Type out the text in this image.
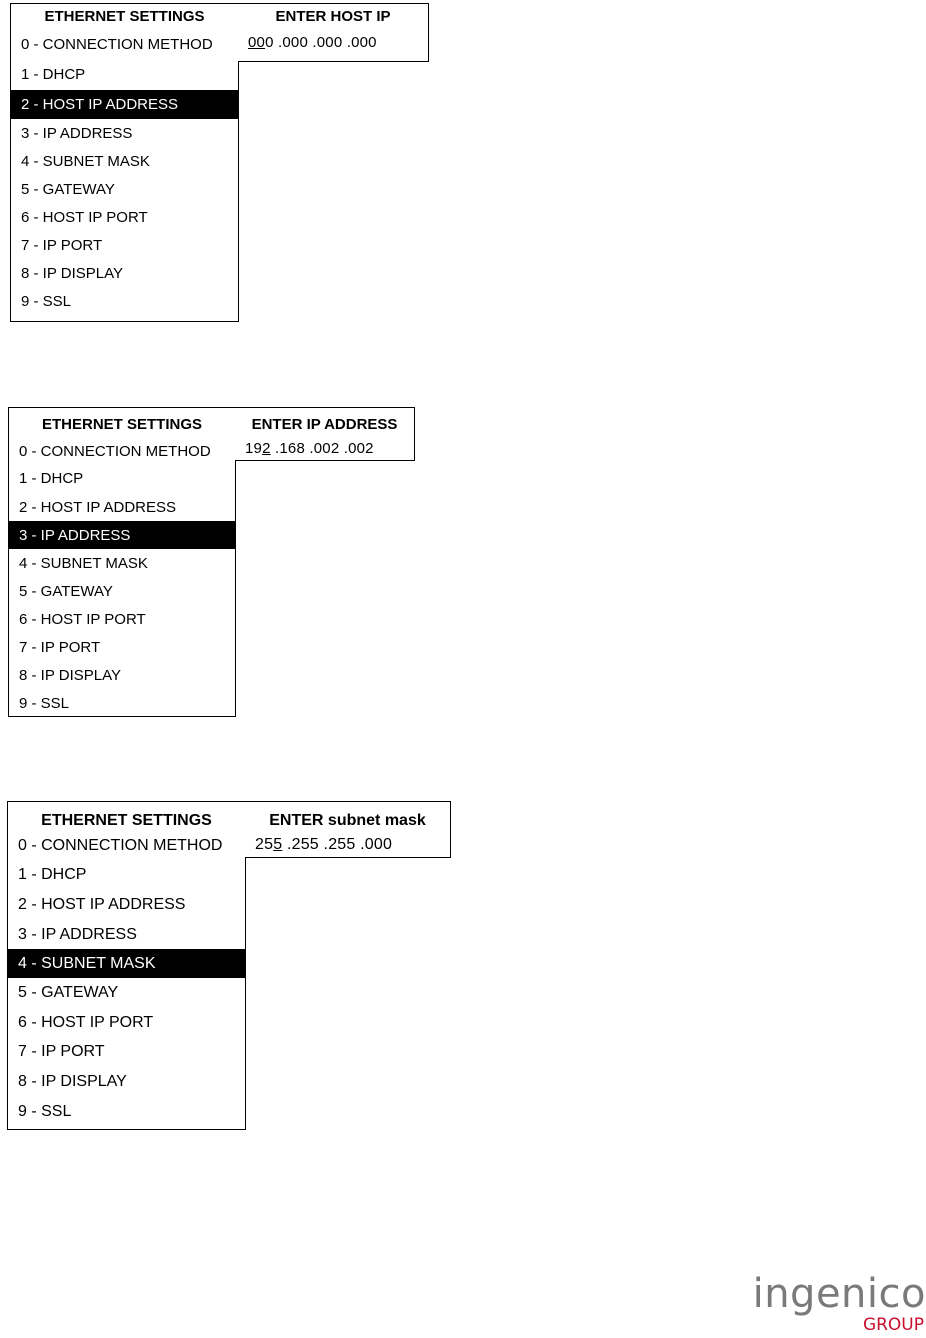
ETHERNET SETTINGS
0 - CONNECTION METHOD
1 - DHCP
2 - HOST IP ADDRESS
3 - IP ADDRESS
4 - SUBNET MASK
5 - GATEWAY
6 - HOST IP PORT
7 - IP PORT
8 - IP DISPLAY
9 - SSL
ENTER HOST IP
000 .000 .000 .000
ETHERNET SETTINGS
0 - CONNECTION METHOD
1 - DHCP
2 - HOST IP ADDRESS
3 - IP ADDRESS
4 - SUBNET MASK
5 - GATEWAY
6 - HOST IP PORT
7 - IP PORT
8 - IP DISPLAY
9 - SSL
ENTER IP ADDRESS
192 .168 .002 .002
ETHERNET SETTINGS
0 - CONNECTION METHOD
1 - DHCP
2 - HOST IP ADDRESS
3 - IP ADDRESS
4 - SUBNET MASK
5 - GATEWAY
6 - HOST IP PORT
7 - IP PORT
8 - IP DISPLAY
9 - SSL
ENTER subnet mask
255 .255 .255 .000
ingenico
GROUP
